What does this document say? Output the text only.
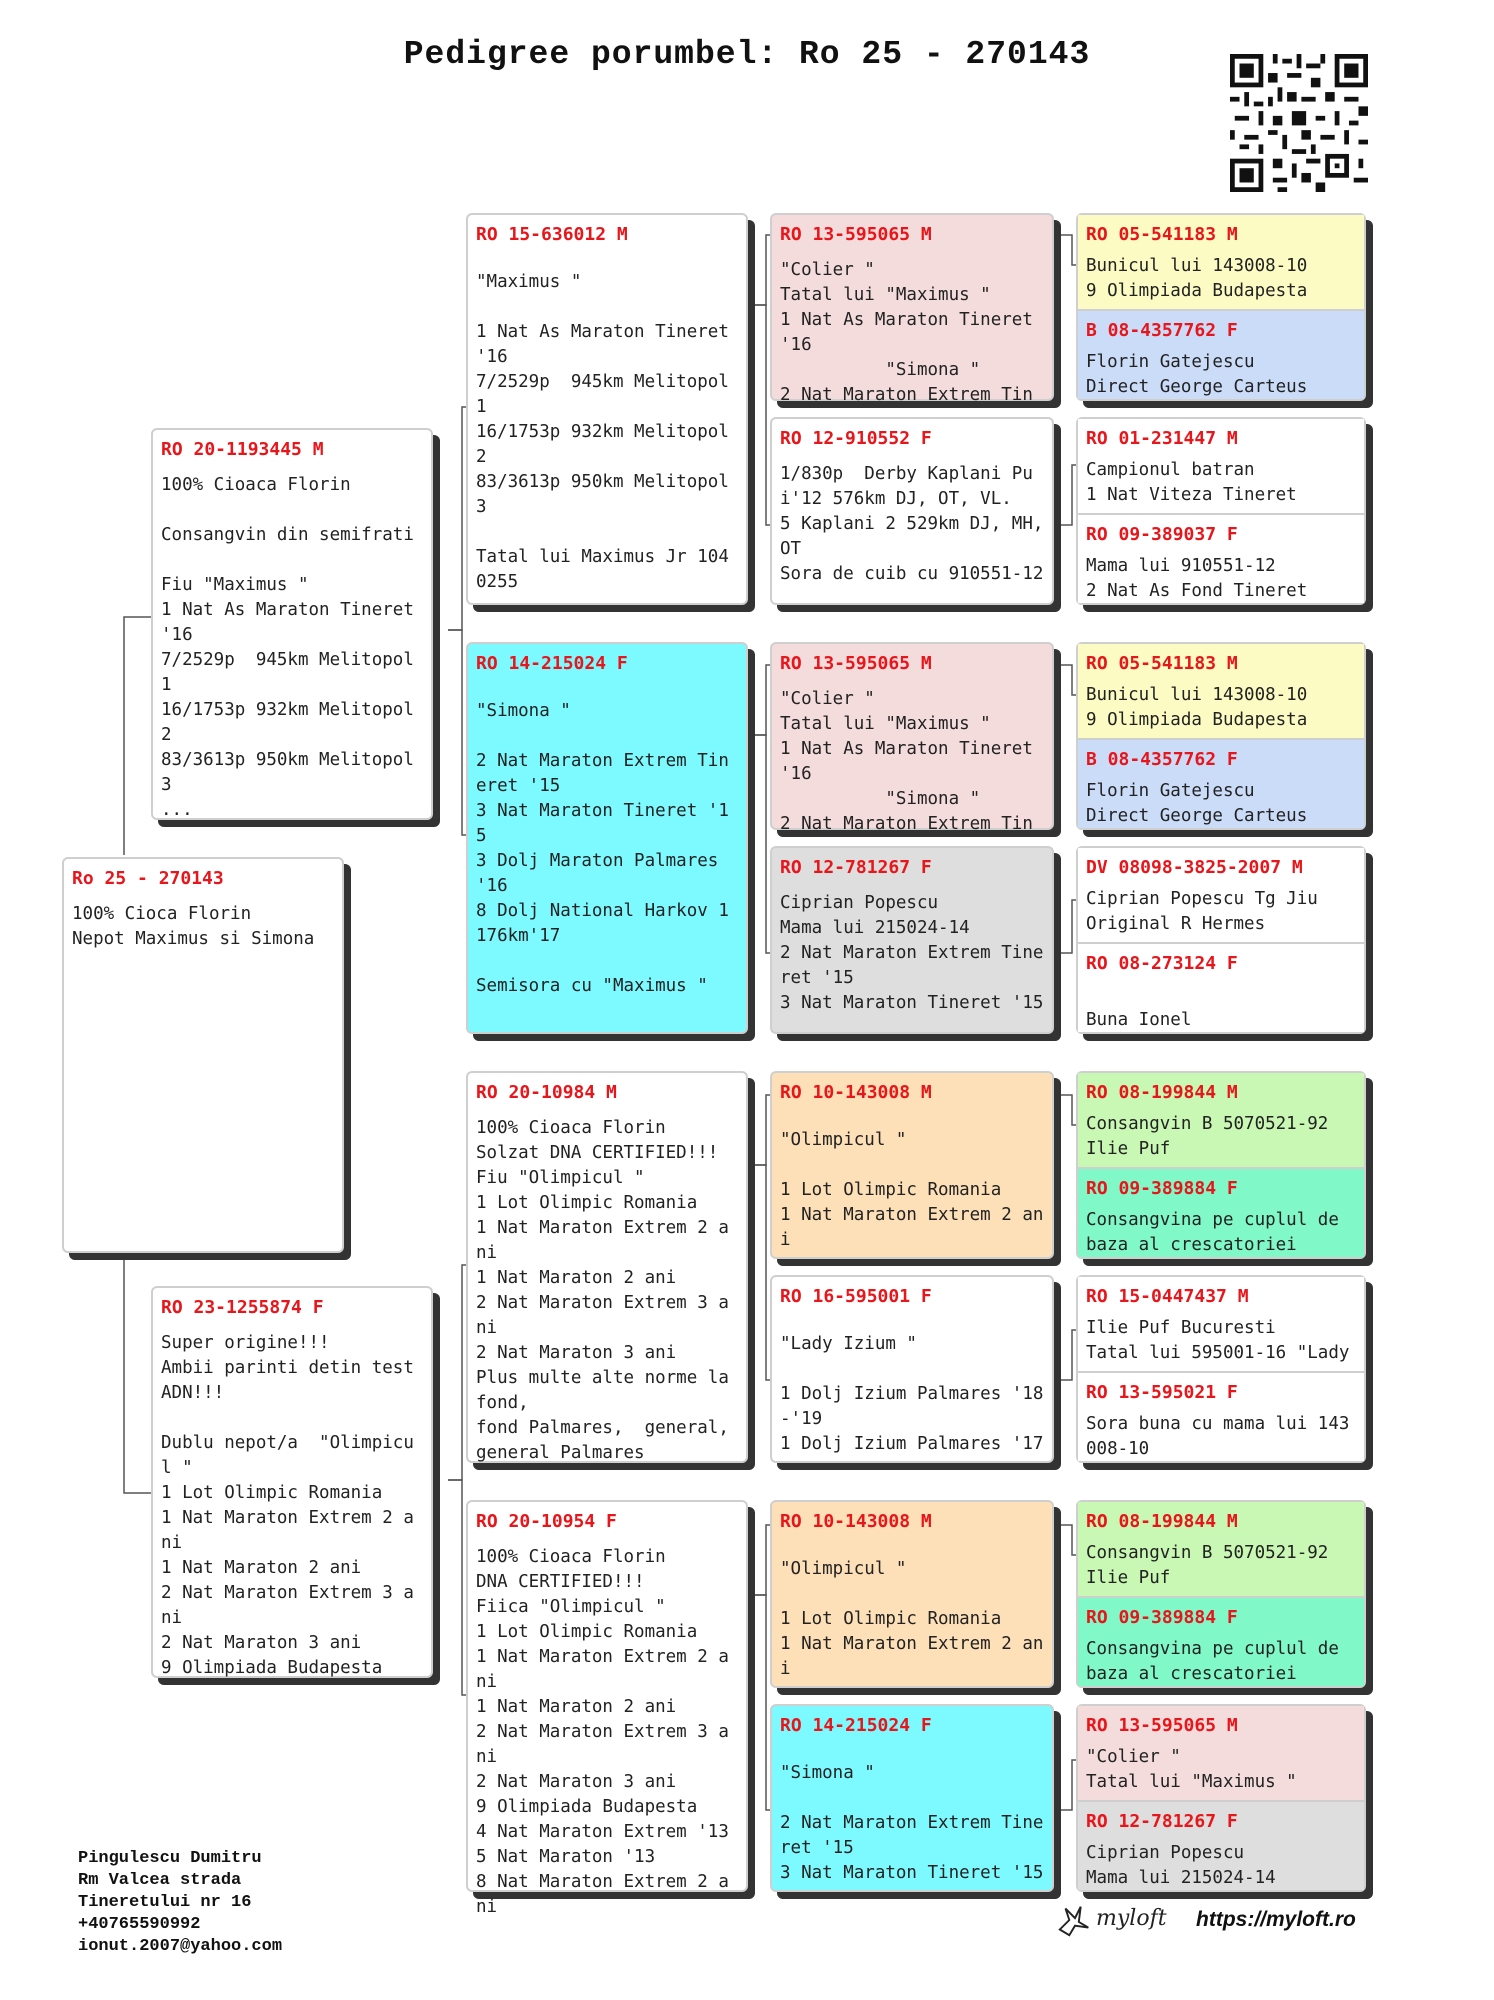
Pedigree porumbel: Ro 25 - 270143
Ro 25 - 270143
100% Cioca Florin
Nepot Maximus si Simona
RO 20-1193445 M
100% Cioaca Florin

Consangvin din semifrati

Fiu "Maximus "
1 Nat As Maraton Tineret '16
7/2529p  945km Melitopol 1
16/1753p 932km Melitopol 2
83/3613p 950km Melitopol 3
...
RO 23-1255874 F
Super origine!!!
Ambii parinti detin test ADN!!!

Dublu nepot/a  "Olimpicul "
1 Lot Olimpic Romania
1 Nat Maraton Extrem 2 ani
1 Nat Maraton 2 ani
2 Nat Maraton Extrem 3 ani
2 Nat Maraton 3 ani
9 Olimpiada Budapesta
RO 15-636012 M
"Maximus "

1 Nat As Maraton Tineret '16
7/2529p  945km Melitopol 1
16/1753p 932km Melitopol 2
83/3613p 950km Melitopol 3

Tatal lui Maximus Jr 1040255
RO 14-215024 F
"Simona "

2 Nat Maraton Extrem Tineret '15
3 Nat Maraton Tineret '15
3 Dolj Maraton Palmares '16
8 Dolj National Harkov 1176km'17

Semisora cu "Maximus "
RO 20-10984 M
100% Cioaca Florin
Solzat DNA CERTIFIED!!!
Fiu "Olimpicul "
1 Lot Olimpic Romania
1 Nat Maraton Extrem 2 ani
1 Nat Maraton 2 ani
2 Nat Maraton Extrem 3 ani
2 Nat Maraton 3 ani
Plus multe alte norme la fond,
fond Palmares,  general, general Palmares
RO 20-10954 F
100% Cioaca Florin
DNA CERTIFIED!!!
Fiica "Olimpicul "
1 Lot Olimpic Romania
1 Nat Maraton Extrem 2 ani
1 Nat Maraton 2 ani
2 Nat Maraton Extrem 3 ani
2 Nat Maraton 3 ani
9 Olimpiada Budapesta
4 Nat Maraton Extrem '13
5 Nat Maraton '13
8 Nat Maraton Extrem 2 ani
RO 13-595065 M
"Colier "
Tatal lui "Maximus "
1 Nat As Maraton Tineret '16
"Simona "
2 Nat Maraton Extrem Tin
RO 12-910552 F
1/830p  Derby Kaplani Pui'12 576km DJ, OT, VL.
5 Kaplani 2 529km DJ, MH, OT
Sora de cuib cu 910551-12
RO 13-595065 M
"Colier "
Tatal lui "Maximus "
1 Nat As Maraton Tineret '16
"Simona "
2 Nat Maraton Extrem Tin
RO 12-781267 F
Ciprian Popescu
Mama lui 215024-14
2 Nat Maraton Extrem Tineret '15
3 Nat Maraton Tineret '15
RO 10-143008 M
"Olimpicul "

1 Lot Olimpic Romania
1 Nat Maraton Extrem 2 ani
RO 16-595001 F
"Lady Izium "

1 Dolj Izium Palmares '18-'19
1 Dolj Izium Palmares '17
RO 10-143008 M
"Olimpicul "

1 Lot Olimpic Romania
1 Nat Maraton Extrem 2 ani
RO 14-215024 F
"Simona "

2 Nat Maraton Extrem Tineret '15
3 Nat Maraton Tineret '15
RO 05-541183 M
Bunicul lui 143008-10
9 Olimpiada Budapesta
B 08-4357762 F
Florin Gatejescu
Direct George Carteus
RO 01-231447 M
Campionul batran
1 Nat Viteza Tineret
RO 09-389037 F
Mama lui 910551-12
2 Nat As Fond Tineret
RO 05-541183 M
Bunicul lui 143008-10
9 Olimpiada Budapesta
B 08-4357762 F
Florin Gatejescu
Direct George Carteus
DV 08098-3825-2007 M
Ciprian Popescu Tg Jiu
Original R Hermes
RO 08-273124 F

Buna Ionel
RO 08-199844 M
Consangvin B 5070521-92
Ilie Puf
RO 09-389884 F
Consangvina pe cuplul de baza al crescatoriei
RO 15-0447437 M
Ilie Puf Bucuresti
Tatal lui 595001-16 "Lady
RO 13-595021 F
Sora buna cu mama lui 143008-10
RO 08-199844 M
Consangvin B 5070521-92
Ilie Puf
RO 09-389884 F
Consangvina pe cuplul de baza al crescatoriei
RO 13-595065 M
"Colier "
Tatal lui "Maximus "
RO 12-781267 F
Ciprian Popescu
Mama lui 215024-14
Pingulescu Dumitru
Rm Valcea strada
Tineretului nr 16
+40765590992
ionut.2007@yahoo.com
myloft https://myloft.ro
